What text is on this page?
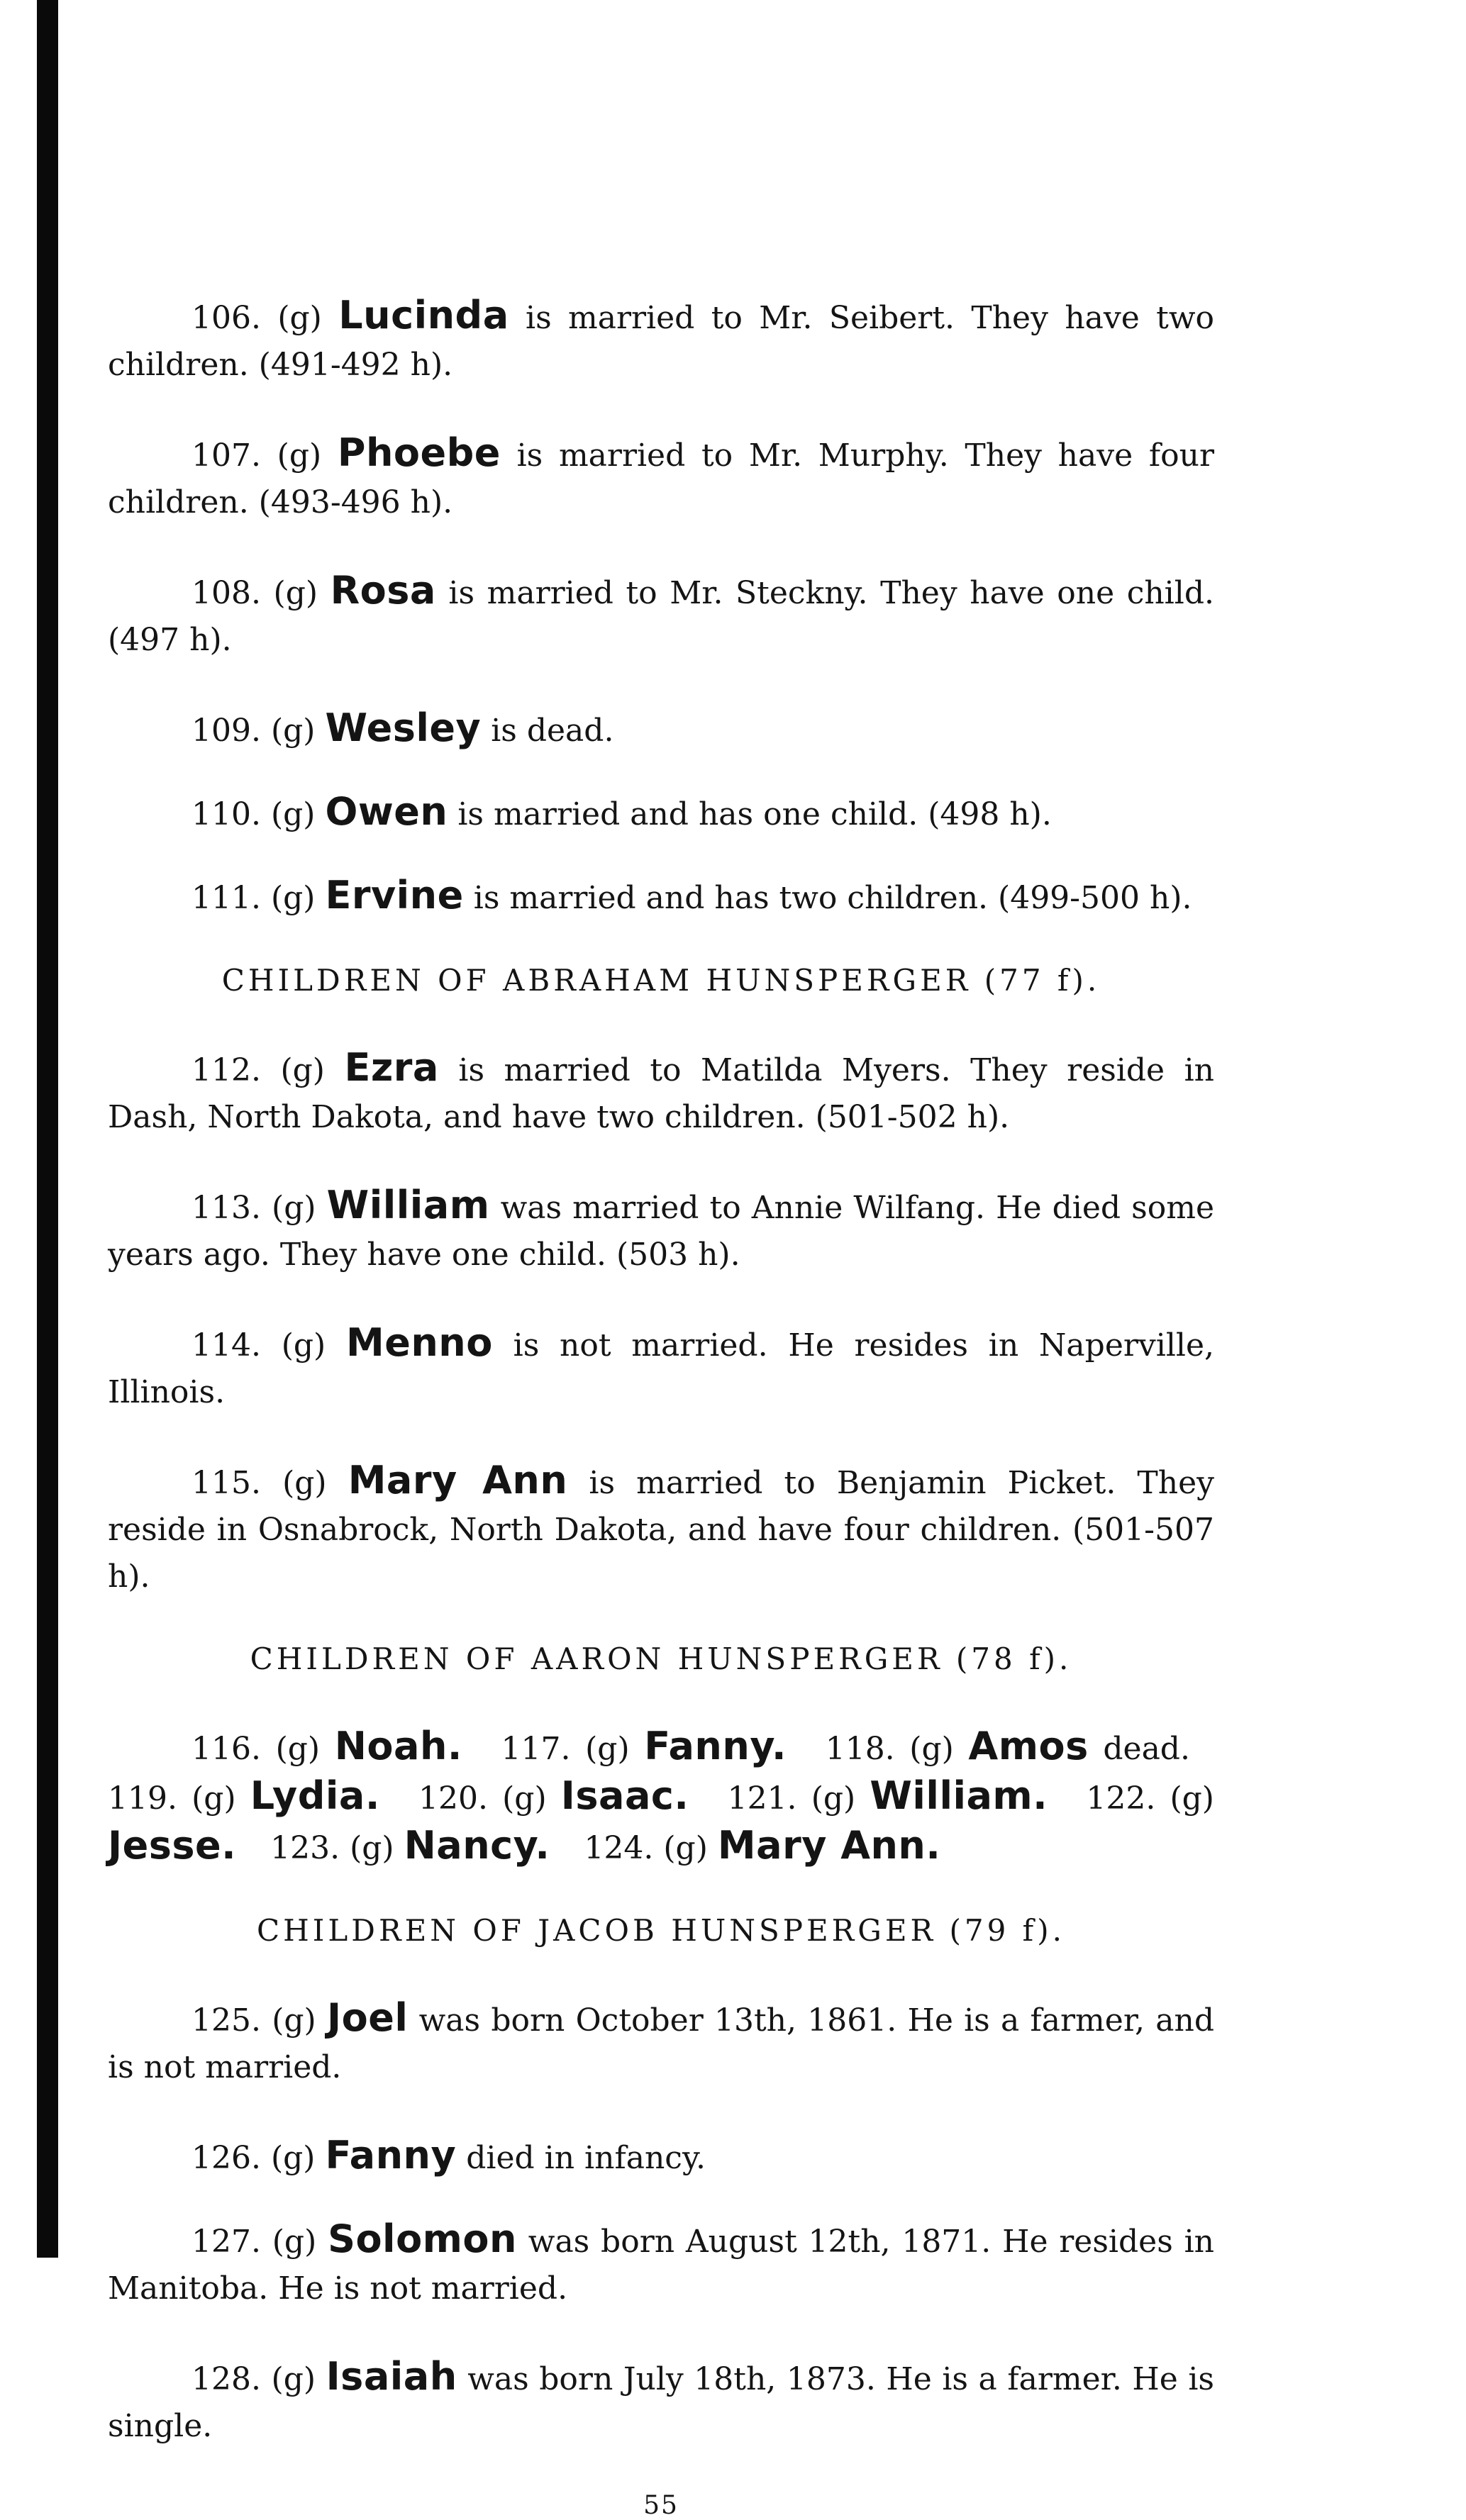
106. (g) Lucinda is married to Mr. Seibert. They have two children. (491-492 h).

107. (g) Phoebe is married to Mr. Murphy. They have four children. (493-496 h).

108. (g) Rosa is married to Mr. Steckny. They have one child. (497 h).

109. (g) Wesley is dead.

110. (g) Owen is married and has one child. (498 h).

111. (g) Ervine is married and has two children. (499-500 h).

CHILDREN OF ABRAHAM HUNSPERGER (77 f).

112. (g) Ezra is married to Matilda Myers. They reside in Dash, North Dakota, and have two children. (501-502 h).

113. (g) William was married to Annie Wilfang. He died some years ago. They have one child. (503 h).

114. (g) Menno is not married. He resides in Naperville, Illinois.

115. (g) Mary Ann is married to Benjamin Picket. They reside in Osnabrock, North Dakota, and have four children. (501-507 h).

CHILDREN OF AARON HUNSPERGER (78 f).

116. (g) Noah. 117. (g) Fanny. 118. (g) Amos dead. 119. (g) Lydia. 120. (g) Isaac. 121. (g) William. 122. (g) Jesse. 123. (g) Nancy. 124. (g) Mary Ann.

CHILDREN OF JACOB HUNSPERGER (79 f).

125. (g) Joel was born October 13th, 1861. He is a farmer, and is not married.

126. (g) Fanny died in infancy.

127. (g) Solomon was born August 12th, 1871. He resides in Manitoba. He is not married.

128. (g) Isaiah was born July 18th, 1873. He is a farmer. He is single.

55
